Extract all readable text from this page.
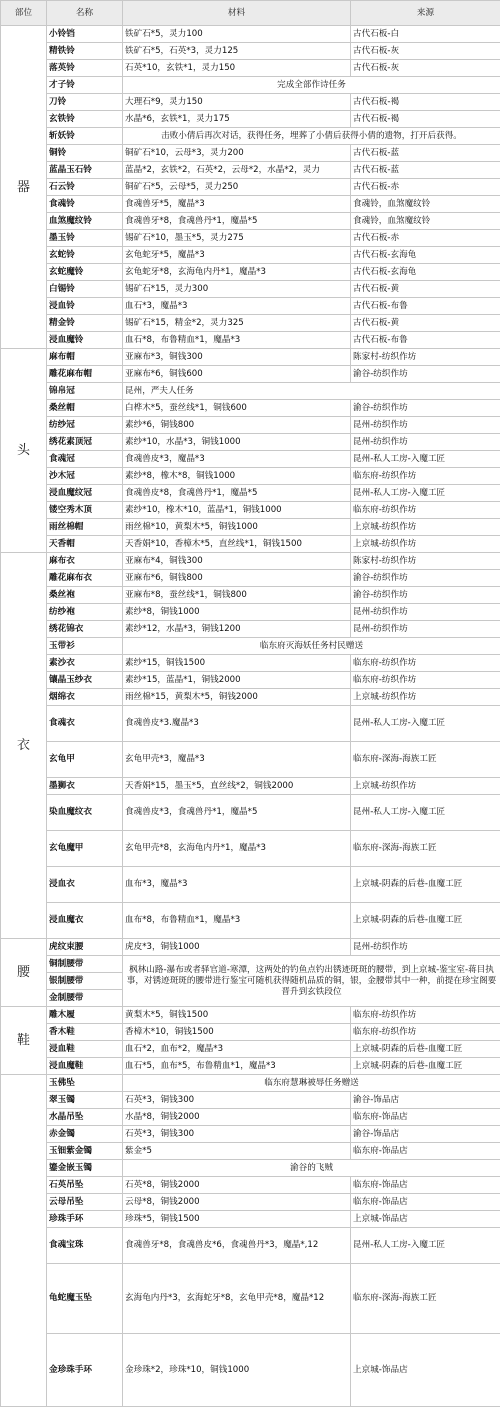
部位	名称	材料	来源
器	小铃铛	铁矿石*5，灵力100	古代石板-白
	精铁铃	铁矿石*5，石英*3，灵力125	古代石板-灰
	落英铃	石英*10，玄铁*1，灵力150	古代石板-灰
	才子铃	完成全部作诗任务	
	刀铃	大理石*9，灵力150	古代石板-褐
	玄铁铃	水晶*6，玄铁*1，灵力175	古代石板-褐
	斩妖铃	击败小倩后再次对话，获得任务，埋葬了小倩后获得小倩的遗物，打开后获得。	
	铜铃	铜矿石*10，云母*3，灵力200	古代石板-蓝
	蓝晶玉石铃	蓝晶*2，玄铁*2，石英*2，云母*2，水晶*2，灵力	古代石板-蓝
	石云铃	铜矿石*5，云母*5，灵力250	古代石板-赤
	食魂铃	食魂兽牙*5，魔晶*3	食魂铃，血煞魔纹铃
	血煞魔纹铃	食魂兽牙*8，食魂兽丹*1，魔晶*5	食魂铃，血煞魔纹铃
	墨玉铃	锡矿石*10，墨玉*5，灵力275	古代石板-赤
	玄蛇铃	玄龟蛇牙*5，魔晶*3	古代石板-玄海龟
	玄蛇魔铃	玄龟蛇牙*8，玄海龟内丹*1，魔晶*3	古代石板-玄海龟
	白锡铃	锡矿石*15，灵力300	古代石板-黄
	浸血铃	血石*3，魔晶*3	古代石板-布鲁
	精金铃	锡矿石*15，精金*2，灵力325	古代石板-黄
	浸血魔铃	血石*8，布鲁精血*1，魔晶*3	古代石板-布鲁
头	麻布帽	亚麻布*3，铜钱300	陈家村-纺织作坊
	雕花麻布帽	亚麻布*6，铜钱600	渝谷-纺织作坊
	锦帛冠	昆州，严夫人任务	
	桑丝帽	白桦木*5，蚕丝线*1，铜钱600	渝谷-纺织作坊
	纺纱冠	素纱*6，铜钱800	昆州-纺织作坊
	绣花素顶冠	素纱*10，水晶*3，铜钱1000	昆州-纺织作坊
	食魂冠	食魂兽皮*3，魔晶*3	昆州-私人工房-入魔工匠
	沙木冠	素纱*8，橡木*8，铜钱1000	临东府-纺织作坊
	浸血魔纹冠	食魂兽皮*8，食魂兽丹*1，魔晶*5	昆州-私人工房-入魔工匠
	镂空秀木顶	素纱*10，橡木*10，蓝晶*1，铜钱1000	临东府-纺织作坊
	雨丝棉帽	雨丝棉*10，黄梨木*5，铜钱1000	上京城-纺织作坊
	天香帽	天香娟*10，香樟木*5，直丝线*1，铜钱1500	上京城-纺织作坊
衣	麻布衣	亚麻布*4，铜钱300	陈家村-纺织作坊
	雕花麻布衣	亚麻布*6，铜钱800	渝谷-纺织作坊
	桑丝袍	亚麻布*8，蚕丝线*1，铜钱800	渝谷-纺织作坊
	纺纱袍	素纱*8，铜钱1000	昆州-纺织作坊
	绣花锦衣	素纱*12，水晶*3，铜钱1200	昆州-纺织作坊
	玉带衫	临东府灭海妖任务村民赠送	
	素沙衣	素纱*15，铜钱1500	临东府-纺织作坊
	镶晶玉纱衣	素纱*15，蓝晶*1，铜钱2000	临东府-纺织作坊
	烟绵衣	雨丝棉*15，黄梨木*5，铜钱2000	上京城-纺织作坊
	食魂衣	食魂兽皮*3.魔晶*3	昆州-私人工房-入魔工匠
	玄龟甲	玄龟甲壳*3，魔晶*3	临东府-深海-海族工匠
	墨狮衣	天香娟*15，墨玉*5，直丝线*2，铜钱2000	上京城-纺织作坊
	染血魔纹衣	食魂兽皮*3，食魂兽丹*1，魔晶*5	昆州-私人工房-入魔工匠
	玄龟魔甲	玄龟甲壳*8，玄海龟内丹*1，魔晶*3	临东府-深海-海族工匠
	浸血衣	血布*3，魔晶*3	上京城-阴森的后巷-血魔工匠
	浸血魔衣	血布*8，布鲁精血*1，魔晶*3	上京城-阴森的后巷-血魔工匠
腰	虎纹束腰	虎皮*3，铜钱1000	昆州-纺织作坊
	铜制腰带	枫林山路-瀑布或者驿官道-寒潭，这两处的钓鱼点钓出锈迹斑斑的腰带，到上京城-鉴宝室-蒋目执事，对锈迹斑斑的腰带进行鉴宝可随机获得随机品质的铜，银，金腰带其中一种，前提在珍宝阁要晋升到玄铁段位	
	银制腰带		
	金制腰带		
鞋	雕木履	黄梨木*5，铜钱1500	临东府-纺织作坊
	香木鞋	香樟木*10，铜钱1500	临东府-纺织作坊
	浸血鞋	血石*2，血布*2，魔晶*3	上京城-阴森的后巷-血魔工匠
	浸血魔鞋	血石*5，血布*5，布鲁精血*1，魔晶*3	上京城-阴森的后巷-血魔工匠
	玉佛坠	临东府慧琳被辱任务赠送	
	翠玉镯	石英*3，铜钱300	渝谷-饰品店
	水晶吊坠	水晶*8，铜钱2000	临东府-饰品店
	赤金镯	石英*3，铜钱300	渝谷-饰品店
	玉钿紫金镯	紫金*5	临东府-饰品店
	鎏金嵌玉镯	渝谷的飞贼	
	石英吊坠	石英*8，铜钱2000	临东府-饰品店
	云母吊坠	云母*8，铜钱2000	临东府-饰品店
	珍珠手环	珍珠*5，铜钱1500	上京城-饰品店
	食魂宝珠	食魂兽牙*8，食魂兽皮*6，食魂兽丹*3，魔晶*,12	昆州-私人工房-入魔工匠
	龟蛇魔玉坠	玄海龟内丹*3，玄海蛇牙*8，玄龟甲壳*8，魔晶*12	临东府-深海-海族工匠
	金珍珠手环	金珍珠*2，珍珠*10，铜钱1000	上京城-饰品店
